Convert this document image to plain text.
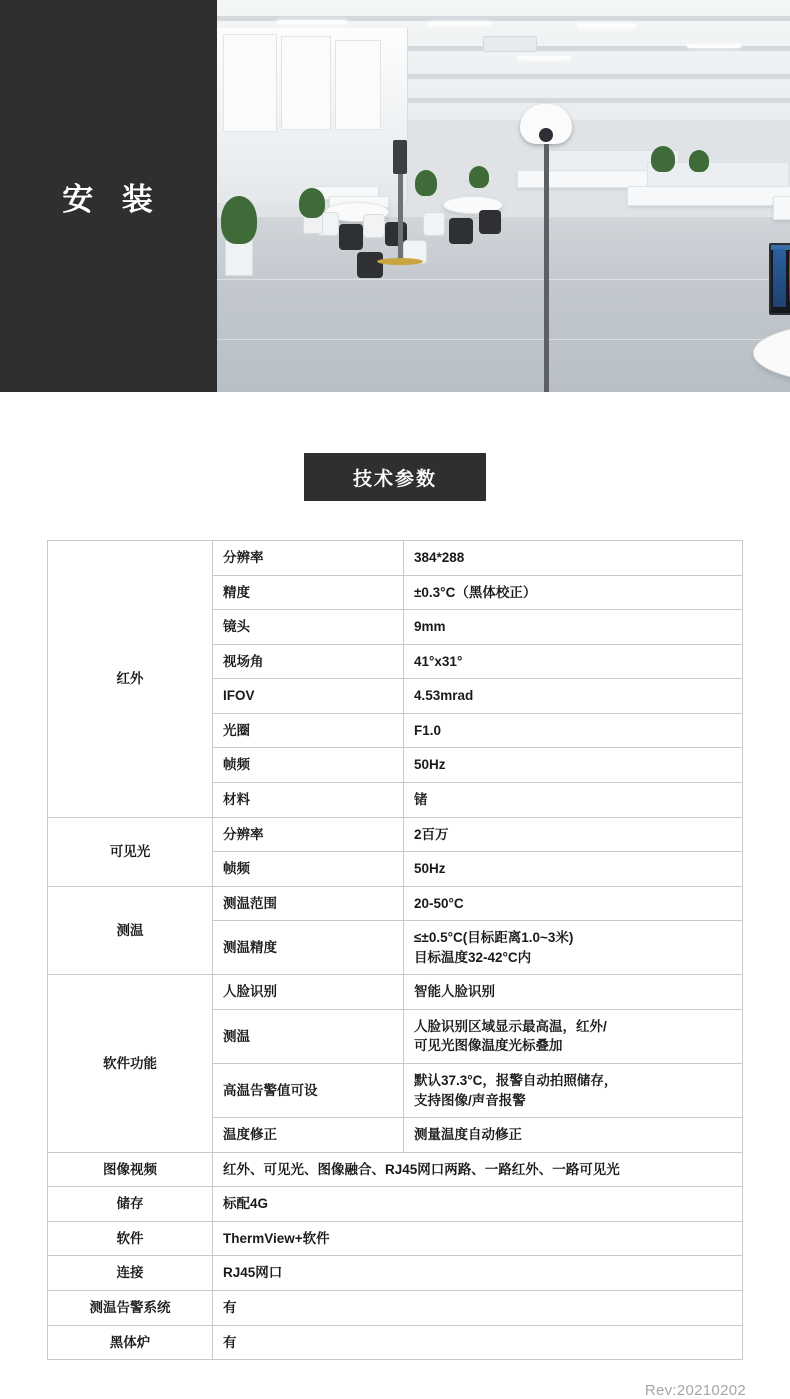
安 装
技术参数
红外	分辨率	384*288
	精度	±0.3°C（黑体校正）
	镜头	9mm
	视场角	41°x31°
	IFOV	4.53mrad
	光圈	F1.0
	帧频	50Hz
	材料	锗
可见光	分辨率	2百万
	帧频	50Hz
测温	测温范围	20-50°C
	测温精度	≤±0.5°C(目标距离1.0~3米)
目标温度32-42°C内

软件功能	人脸识别	智能人脸识别
	测温	人脸识别区域显示最高温，红外/
可见光图像温度光标叠加

	高温告警值可设	默认37.3°C，报警自动拍照储存，
支持图像/声音报警

	温度修正	测量温度自动修正
图像视频	红外、可见光、图像融合、RJ45网口两路、一路红外、一路可见光	
储存	标配4G	
软件	ThermView+软件	
连接	RJ45网口	
测温告警系统	有	
黑体炉	有	
Rev:20210202
